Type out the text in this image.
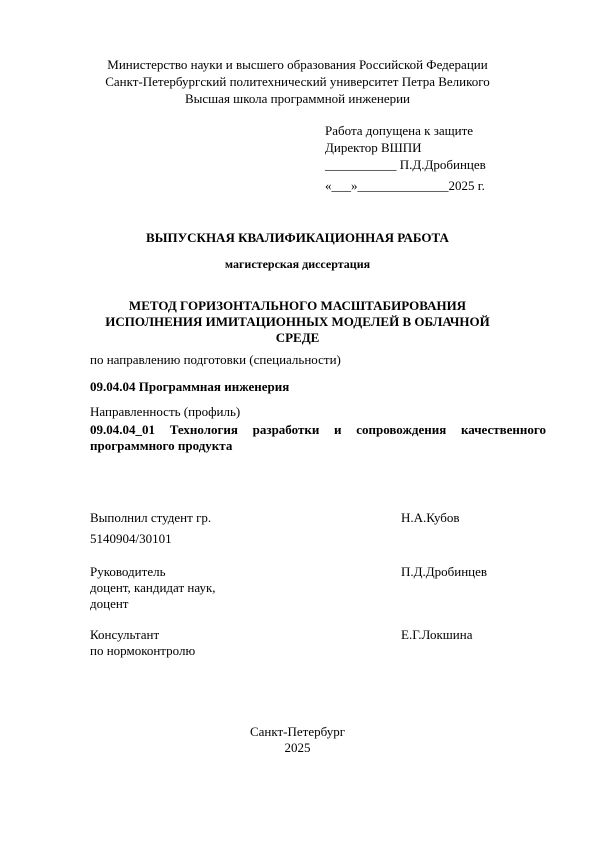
Министерство науки и высшего образования Российской Федерации
Санкт-Петербургский политехнический университет Петра Великого
Высшая школа программной инженерии
Работа допущена к защите
Директор ВШПИ
___________ П.Д.Дробинцев
«___»______________2025 г.
ВЫПУСКНАЯ КВАЛИФИКАЦИОННАЯ РАБОТА
магистерская диссертация
МЕТОД ГОРИЗОНТАЛЬНОГО МАСШТАБИРОВАНИЯ
ИСПОЛНЕНИЯ ИМИТАЦИОННЫХ МОДЕЛЕЙ В ОБЛАЧНОЙ
СРЕДЕ
по направлению подготовки (специальности)
09.04.04 Программная инженерия
Направленность (профиль)
09.04.04_01 Технология разработки и сопровождения качественного программного продукта
Выполнил студент гр.
5140904/30101
Н.А.Кубов
Руководитель
доцент, кандидат наук,
доцент
П.Д.Дробинцев
Консультант
по нормоконтролю
Е.Г.Локшина
Санкт-Петербург
2025
